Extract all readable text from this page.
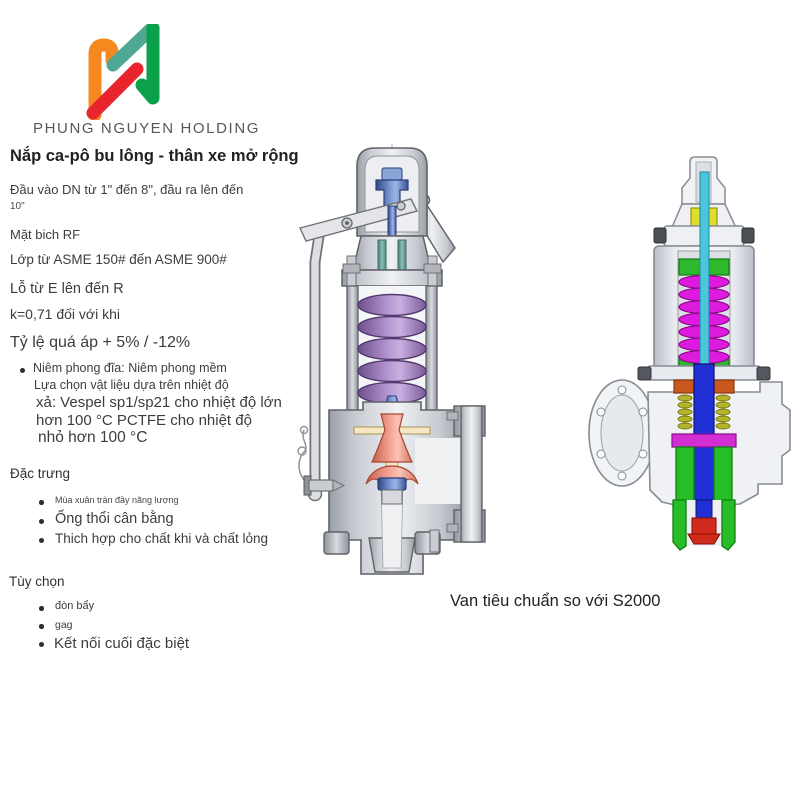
PHUNG NGUYEN HOLDING
Nắp ca-pô bu lông - thân xe mở rộng
Đầu vào DN từ 1" đến 8", đầu ra lên đến
10"
Mặt bich RF
Lớp từ ASME 150# đến ASME 900#
Lỗ từ E lên đến R
k=0,71 đối với khi
Tỷ lệ quá áp + 5% / -12%
Niêm phong đĩa: Niêm phong mềm
Lựa chọn vật liệu dựa trên nhiệt độ
xả: Vespel sp1/sp21 cho nhiệt độ lớn
hơn 100 °C PCTFE cho nhiệt độ
nhỏ hơn 100 °C
Đặc trưng
Mùa xuân tràn đầy năng lượng
Ống thổi cân bằng
Thich hợp cho chất khi và chất lỏng
Tùy chọn
đòn bẩy
gag
Kết nối cuối đặc biệt
Van tiêu chuẩn so với S2000
